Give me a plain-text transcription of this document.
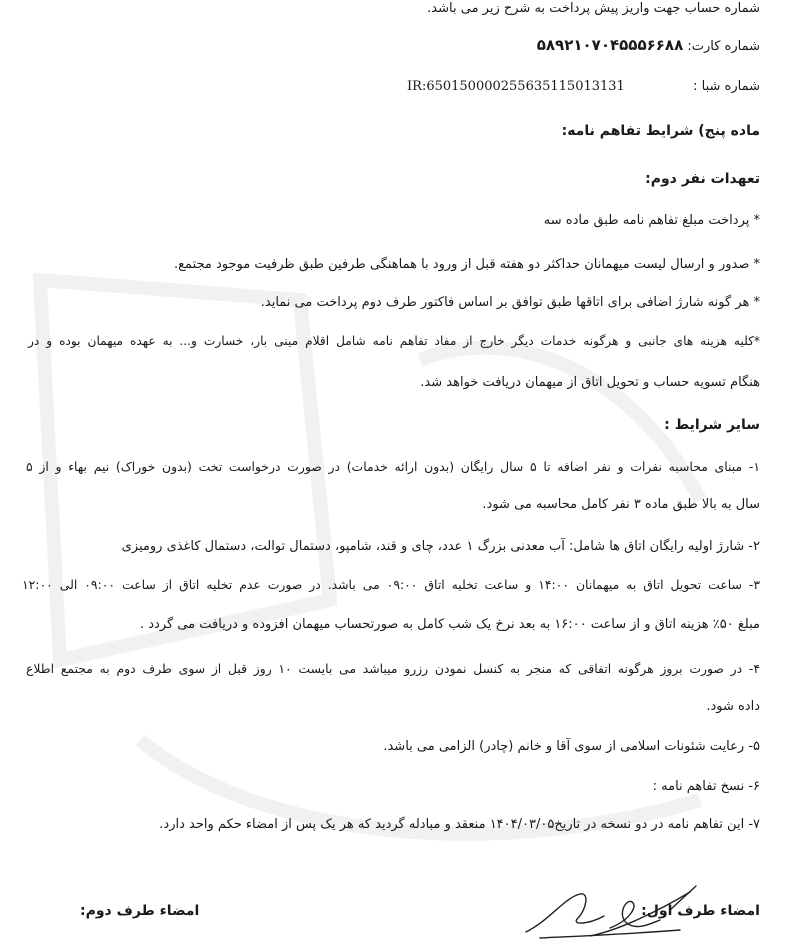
شماره حساب جهت واریز پیش پرداخت به شرح زیر می باشد.
شماره کارت: ۵۸۹۲۱۰۷۰۴۵۵۵۶۶۸۸
شماره شبا :  IR:650150000255635115013131
ماده پنج) شرایط تفاهم نامه:
تعهدات نفر دوم:
* پرداخت مبلغ تفاهم نامه طبق ماده سه
* صدور و ارسال لیست میهمانان حداکثر دو هفته قبل از ورود با هماهنگی طرفین طبق ظرفیت موجود مجتمع.
* هر گونه شارژ اضافی برای اتاقها طبق توافق بر اساس فاکتور طرف دوم پرداخت می نماید.
*کلیه هزینه های جانبی و هرگونه خدمات دیگر خارج از مفاد تفاهم نامه شامل اقلام مینی بار، خسارت و... به عهده میهمان بوده و در
هنگام تسویه حساب و تحویل اتاق از میهمان دریافت خواهد شد.
سایر شرایط :
۱- مبنای محاسبه نفرات و نفر اضافه تا ۵ سال رایگان (بدون ارائه خدمات) در صورت درخواست تخت (بدون خوراک) نیم بهاء و از ۵
سال به بالا طبق ماده ۳ نفر کامل محاسبه می شود.
۲- شارژ اولیه رایگان اتاق ها شامل: آب معدنی بزرگ ۱ عدد، چای و قند، شامپو، دستمال توالت، دستمال کاغذی رومیزی
۳- ساعت تحویل اتاق به میهمانان ۱۴:۰۰ و ساعت تخلیه اتاق ۰۹:۰۰ می باشد. در صورت عدم تخلیه اتاق از ساعت ۰۹:۰۰ الی ۱۲:۰۰
مبلغ ۵۰٪ هزینه اتاق و از ساعت ۱۶:۰۰ به بعد نرخ یک شب کامل به صورتحساب میهمان افزوده و دریافت می گردد .
۴- در صورت بروز هرگونه اتفاقی که منجر به کنسل نمودن رزرو میباشد می بایست ۱۰ روز قبل از سوی طرف دوم به مجتمع اطلاع
داده شود.
۵- رعایت شئونات اسلامی از سوی آقا و خانم (چادر) الزامی می باشد.
۶- نسخ تفاهم نامه :
۷- این تفاهم نامه در دو نسخه در تاریخ۱۴۰۴/۰۳/۰۵ منعقد و مبادله گردید که هر یک پس از امضاء حکم واحد دارد.
امضاء طرف اول:
امضاء طرف دوم:
